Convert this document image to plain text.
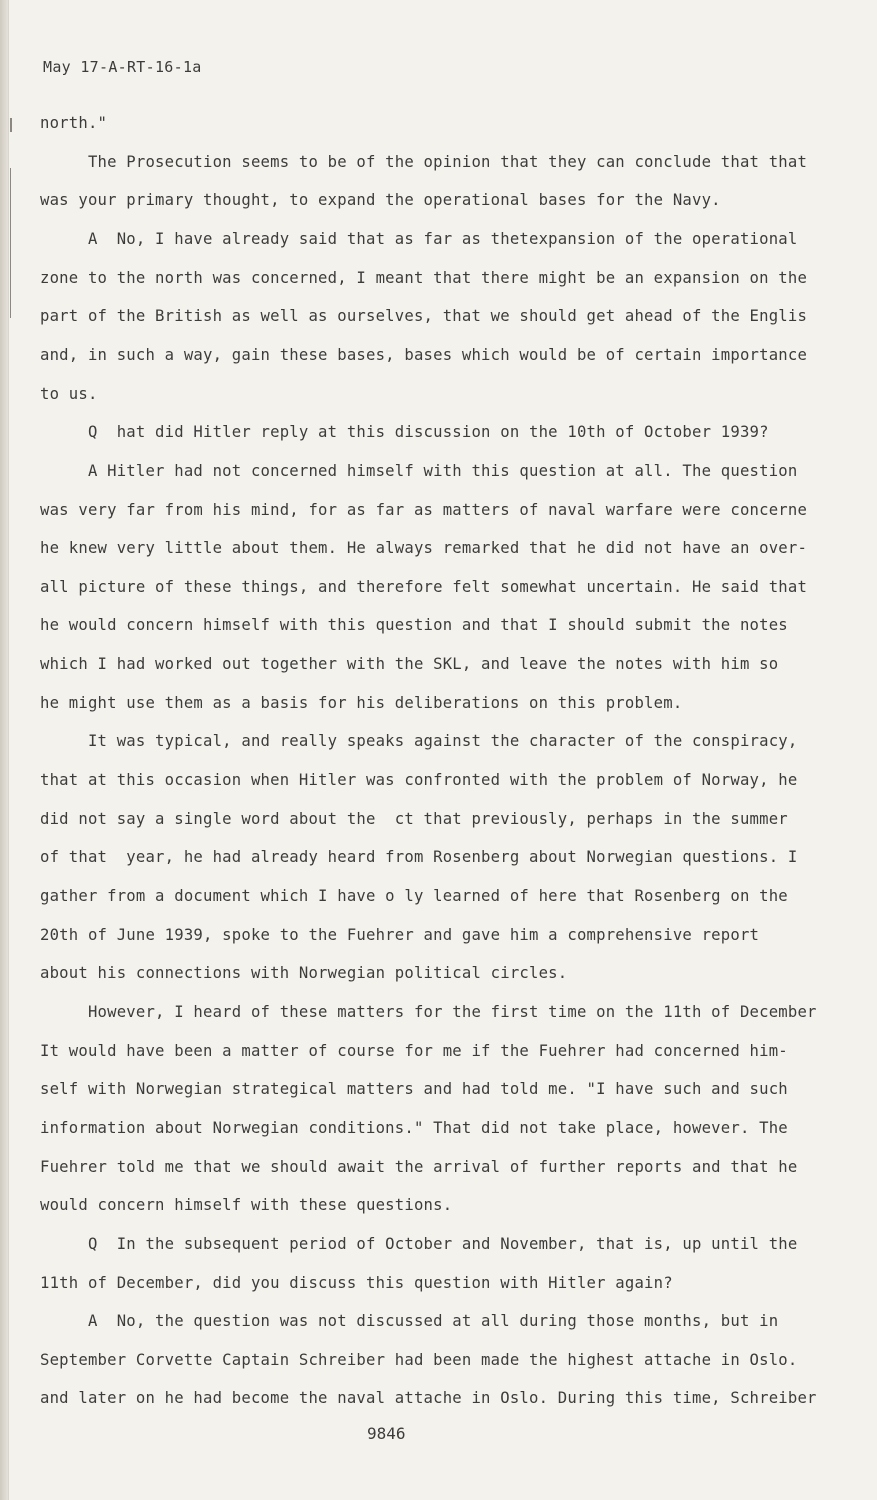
May 17-A-RT-16-1a
north."
The Prosecution seems to be of the opinion that they can conclude that that
was your primary thought, to expand the operational bases for the Navy.
A  No, I have already said that as far as thetexpansion of the operational
zone to the north was concerned, I meant that there might be an expansion on the
part of the British as well as ourselves, that we should get ahead of the Englis
and, in such a way, gain these bases, bases which would be of certain importance
to us.
Q  hat did Hitler reply at this discussion on the 10th of October 1939?
A Hitler had not concerned himself with this question at all. The question
was very far from his mind, for as far as matters of naval warfare were concerne
he knew very little about them. He always remarked that he did not have an over-
all picture of these things, and therefore felt somewhat uncertain. He said that
he would concern himself with this question and that I should submit the notes
which I had worked out together with the SKL, and leave the notes with him so
he might use them as a basis for his deliberations on this problem.
It was typical, and really speaks against the character of the conspiracy,
that at this occasion when Hitler was confronted with the problem of Norway, he
did not say a single word about the  ct that previously, perhaps in the summer
of that  year, he had already heard from Rosenberg about Norwegian questions. I
gather from a document which I have o ly learned of here that Rosenberg on the
20th of June 1939, spoke to the Fuehrer and gave him a comprehensive report
about his connections with Norwegian political circles.
However, I heard of these matters for the first time on the 11th of December
It would have been a matter of course for me if the Fuehrer had concerned him-
self with Norwegian strategical matters and had told me. "I have such and such
information about Norwegian conditions." That did not take place, however. The
Fuehrer told me that we should await the arrival of further reports and that he
would concern himself with these questions.
Q  In the subsequent period of October and November, that is, up until the
11th of December, did you discuss this question with Hitler again?
A  No, the question was not discussed at all during those months, but in
September Corvette Captain Schreiber had been made the highest attache in Oslo.
and later on he had become the naval attache in Oslo. During this time, Schreiber
9846
